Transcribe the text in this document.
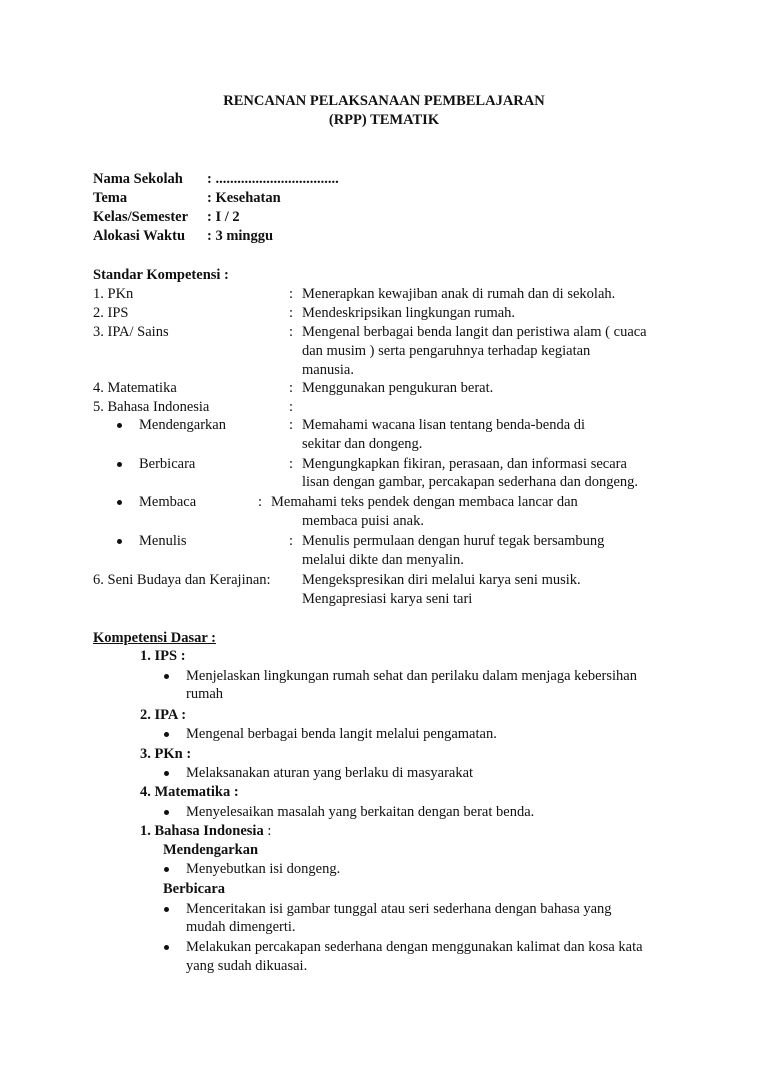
RENCANAN PELAKSANAAN PEMBELAJARAN
(RPP) TEMATIK
Nama Sekolah : ..................................
Tema	: Kesehatan
Kelas/Semester : I / 2
Alokasi Waktu : 3 minggu
Standar Kompetensi :
1. PKn	: Menerapkan kewajiban anak di rumah dan di sekolah.
2. IPS	: Mendeskripsikan lingkungan rumah.
3. IPA/ Sains	: Mengenal berbagai benda langit dan peristiwa alam ( cuaca
dan musim ) serta pengaruhnya terhadap kegiatan
manusia.
4. Matematika	: Menggunakan pengukuran berat.
5. Bahasa Indonesia	:
Mendengarkan	: Memahami wacana lisan tentang benda-benda di
sekitar dan dongeng.
Berbicara	: Mengungkapkan fikiran, perasaan, dan informasi secara
lisan dengan gambar, percakapan sederhana dan dongeng.
Membaca	: Memahami teks pendek dengan membaca lancar dan
membaca puisi anak.
Menulis	: Menulis permulaan dengan huruf tegak bersambung
melalui dikte dan menyalin.
6. Seni Budaya dan Kerajinan: Mengekspresikan diri melalui karya seni musik.
Mengapresiasi karya seni tari
Kompetensi Dasar :
1. IPS :
Menjelaskan lingkungan rumah sehat dan perilaku dalam menjaga kebersihan
rumah
2. IPA :
Mengenal berbagai benda langit melalui pengamatan.
3. PKn :
Melaksanakan aturan yang berlaku di masyarakat
4. Matematika :
Menyelesaikan masalah yang berkaitan dengan berat benda.
1. Bahasa Indonesia :
Mendengarkan
Menyebutkan isi dongeng.
Berbicara
Menceritakan isi gambar tunggal atau seri sederhana dengan bahasa yang
mudah dimengerti.
Melakukan percakapan sederhana dengan menggunakan kalimat dan kosa kata
yang sudah dikuasai.
